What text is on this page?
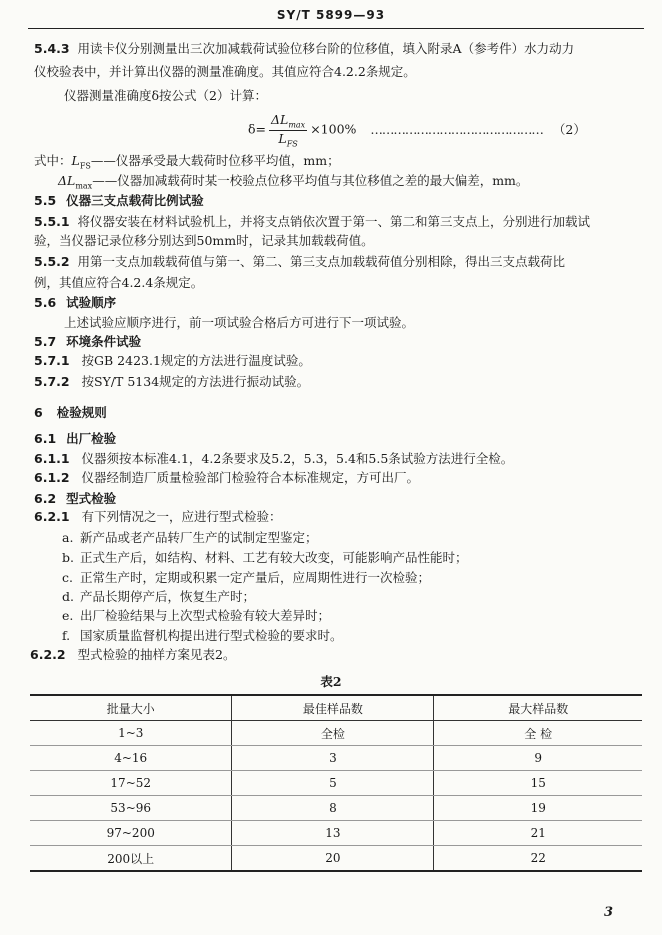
SY/T 5899—93
5.4.3 用读卡仪分别测量出三次加减载荷试验位移台阶的位移值，填入附录A（参考件）水力动力
仪校验表中，并计算出仪器的测量准确度。其值应符合4.2.2条规定。
仪器测量准确度δ按公式（2）计算：
$\delta= \frac{\Delta L_{max}}{L_{FS}} \times 100\%$ ……………………………………… （2）
式中：$L_{FS}——$仪器承受最大载荷时位移平均值，mm；
$\Delta L_{max}——$仪器加减载荷时某一校验点位移平均值与其位移值之差的最大偏差，mm。
5.5 仪器三支点载荷比例试验
5.5.1 将仪器安装在材料试验机上，并将支点销依次置于第一、第二和第三支点上，分别进行加载试
验，当仪器记录位移分别达到50mm时，记录其加载载荷值。
5.5.2 用第一支点加载载荷值与第一、第二、第三支点加载载荷值分别相除，得出三支点载荷比
例，其值应符合4.2.4条规定。
5.6 试验顺序
上述试验应顺序进行，前一项试验合格后方可进行下一项试验。
5.7 环境条件试验
5.7.1 按GB 2423.1规定的方法进行温度试验。
5.7.2 按SY/T 5134规定的方法进行振动试验。
6 检验规则
6.1 出厂检验
6.1.1 仪器须按本标准4.1，4.2条要求及5.2，5.3，5.4和5.5条试验方法进行全检。
6.1.2 仪器经制造厂质量检验部门检验符合本标准规定，方可出厂。
6.2 型式检验
6.2.1 有下列情况之一，应进行型式检验：
a. 新产品或老产品转厂生产的试制定型鉴定；
b. 正式生产后，如结构、材料、工艺有较大改变，可能影响产品性能时；
c. 正常生产时，定期或积累一定产量后，应周期性进行一次检验；
d. 产品长期停产后，恢复生产时；
e. 出厂检验结果与上次型式检验有较大差异时；
f. 国家质量监督机构提出进行型式检验的要求时。
6.2.2 型式检验的抽样方案见表2。
表2
批量大小	最佳样品数	最大样品数
1~3	全检	全 检
4~16	3	9
17~52	5	15
53~96	8	19
97~200	13	21
200以上	20	22
3
